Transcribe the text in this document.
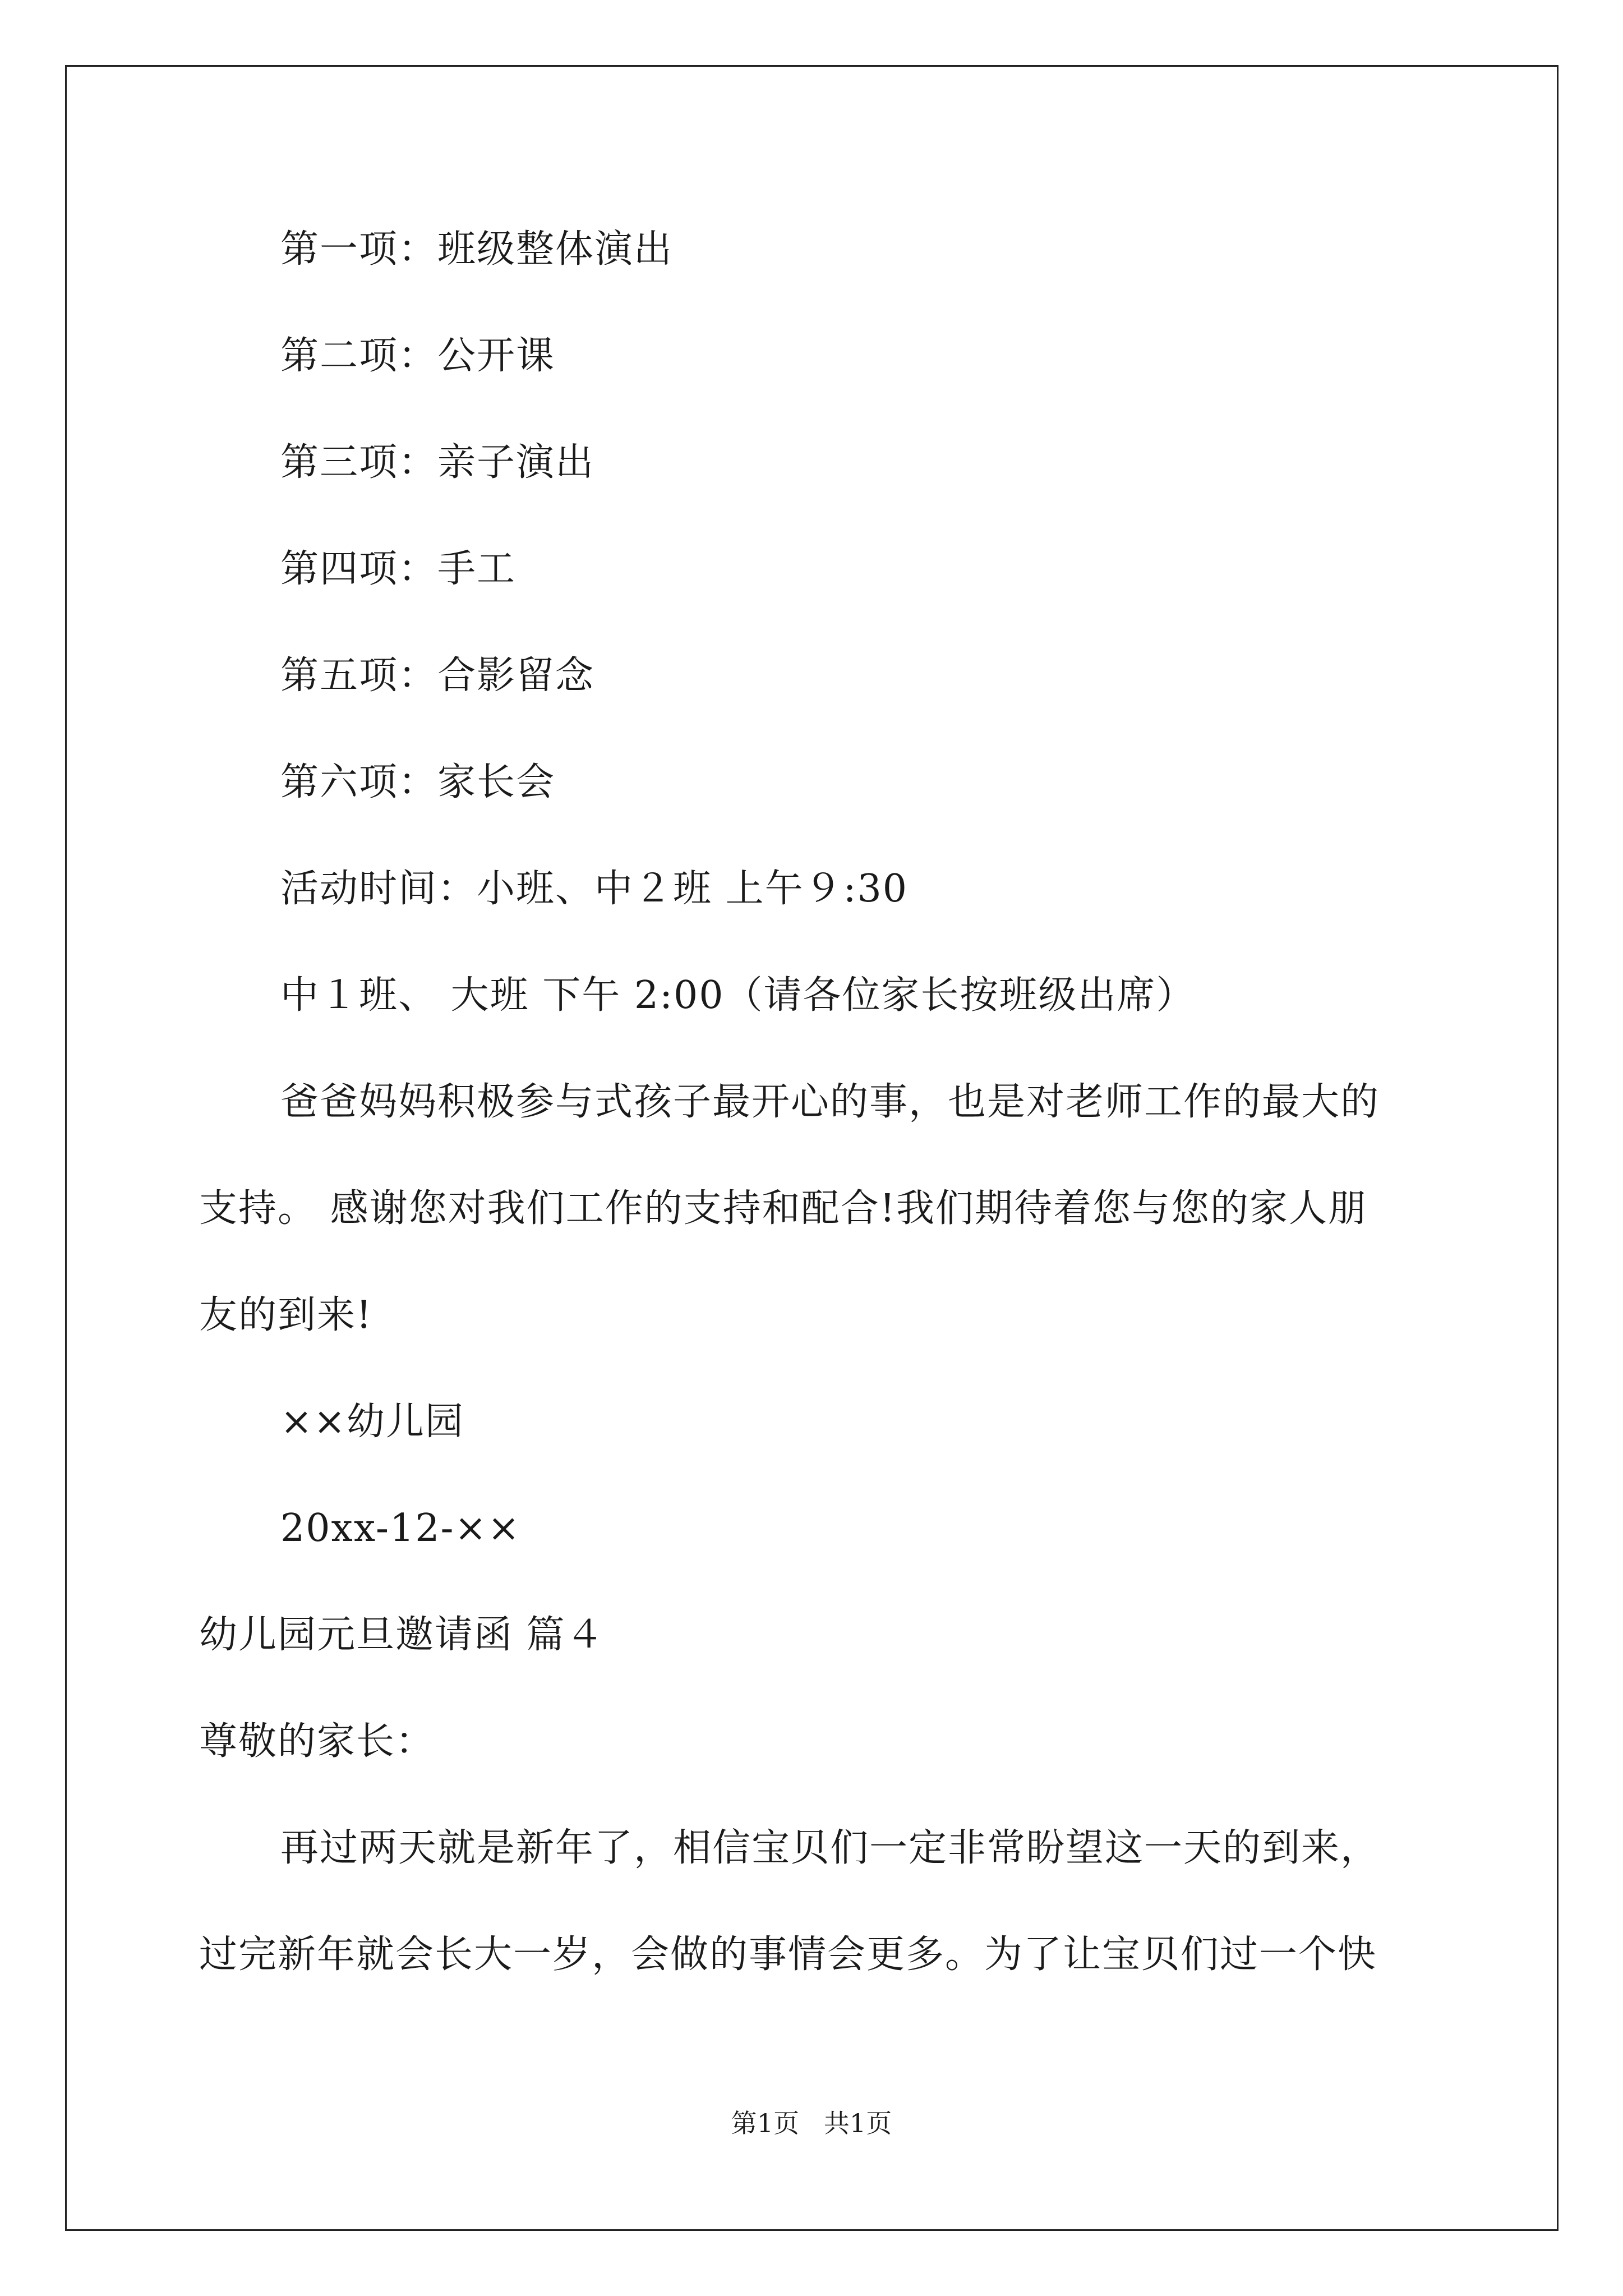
第一项：班级整体演出
第二项：公开课
第三项：亲子演出
第四项：手工
第五项：合影留念
第六项：家长会
活动时间：小班、中２班 上午９:30
中１班、 大班 下午 2:00（请各位家长按班级出席）
爸爸妈妈积极参与式孩子最开心的事，也是对老师工作的最大的
支持。 感谢您对我们工作的支持和配合!我们期待着您与您的家人朋
友的到来!
××幼儿园
20xx-12-××
幼儿园元旦邀请函 篇４
尊敬的家长：
再过两天就是新年了，相信宝贝们一定非常盼望这一天的到来，
过完新年就会长大一岁，会做的事情会更多。为了让宝贝们过一个快
第1页   共1页
